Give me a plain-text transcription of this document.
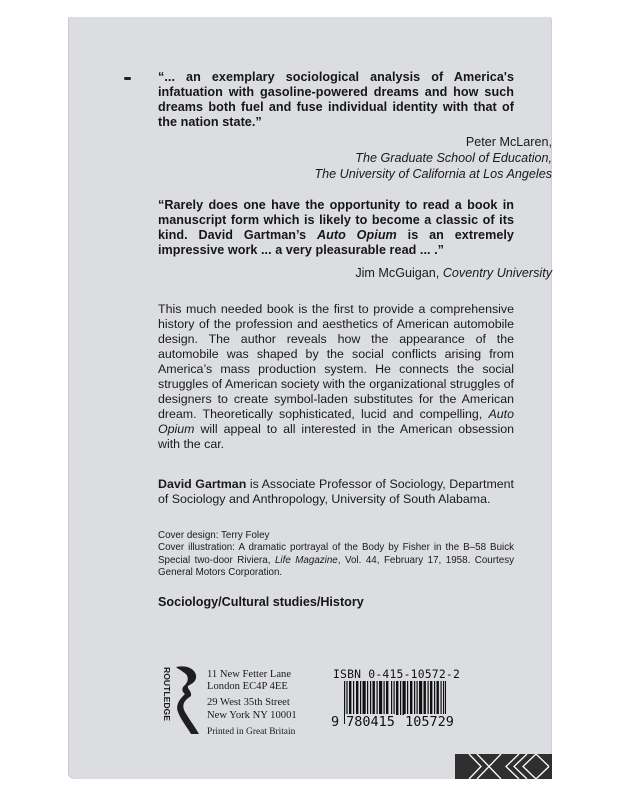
“... an exemplary sociological analysis of America's infatuation with gasoline-powered dreams and how such dreams both fuel and fuse individual identity with that of the nation state.”
Peter McLaren,
The Graduate School of Education,
The University of California at Los Angeles
“Rarely does one have the opportunity to read a book in manuscript form which is likely to become a classic of its kind. David Gartman’s Auto Opium is an extremely impressive work ... a very pleasurable read ... .”
Jim McGuigan, Coventry University
This much needed book is the first to provide a comprehensive history of the profession and aesthetics of American automobile design. The author reveals how the appearance of the automobile was shaped by the social conflicts arising from America’s mass production system. He connects the social struggles of American society with the organizational struggles of designers to create symbol-laden substitutes for the American dream. Theoretically sophisticated, lucid and compelling, Auto Opium will appeal to all interested in the American obsession with the car.
David Gartman is Associate Professor of Sociology, Department of Sociology and Anthropology, University of South Alabama.
Cover design: Terry Foley
Cover illustration: A dramatic portrayal of the Body by Fisher in the B–58 Buick Special two-door Riviera, Life Magazine, Vol. 44, February 17, 1958. Courtesy General Motors Corporation.
Sociology/Cultural studies/History
ROUTLEDGE	11 New Fetter Lane
London EC4P 4EE
29 West 35th Street
New York NY 10001
Printed in Great Britain
ISBN 0-415-10572-2
9 780415 105729
